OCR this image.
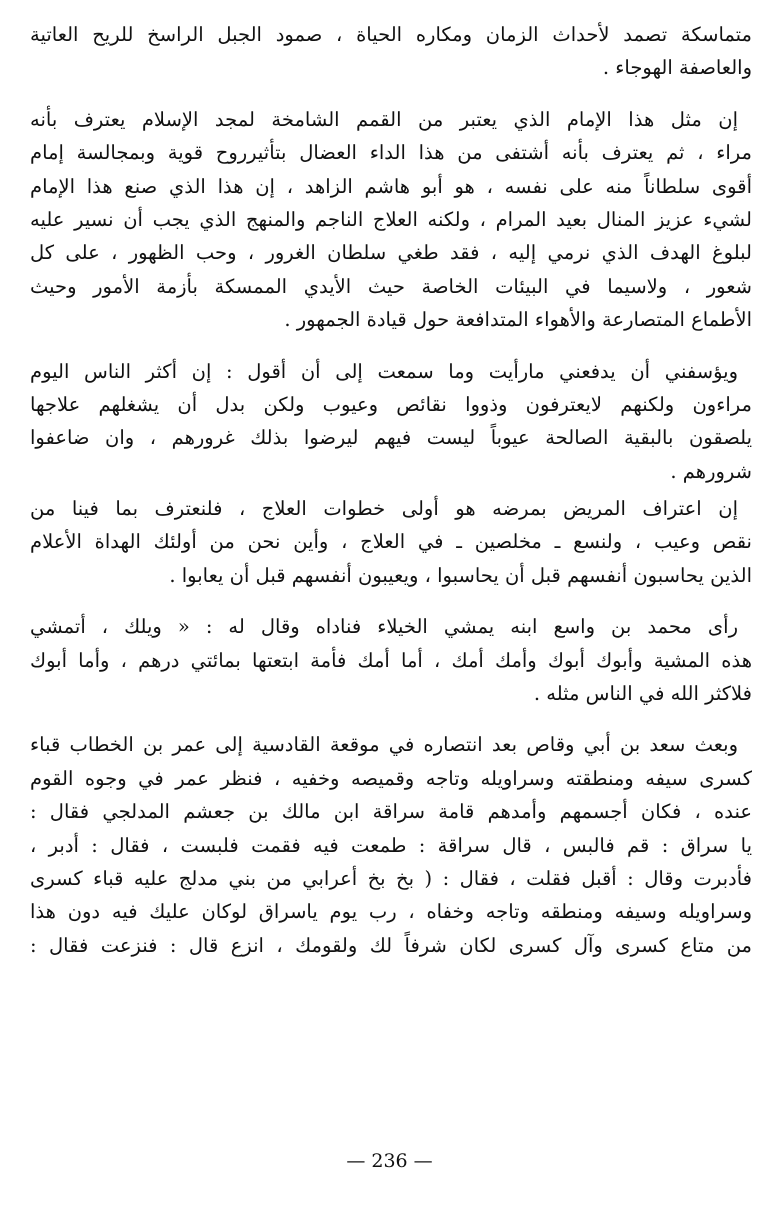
متماسكة تصمد لأحداث الزمان ومكاره الحياة ، صمود الجبل الراسخ للريح العاتية
والعاصفة الهوجاء .
إن مثل هذا الإمام الذي يعتبر من القمم الشامخة لمجد الإسلام يعترف بأنه
مراء ، ثم يعترف بأنه أشتفى من هذا الداء العضال بتأثيرروح قوية وبمجالسة إمام
أقوى سلطاناً منه على نفسه ، هو أبو هاشم الزاهد ، إن هذا الذي صنع هذا الإمام
لشيء عزيز المنال بعيد المرام ، ولكنه العلاج الناجم والمنهج الذي يجب أن نسير عليه
لبلوغ الهدف الذي نرمي إليه ، فقد طغي سلطان الغرور ، وحب الظهور ، على كل
شعور ، ولاسيما في البيئات الخاصة حيث الأيدي الممسكة بأزمة الأمور وحيث
الأطماع المتصارعة والأهواء المتدافعة حول قيادة الجمهور .
ويؤسفني أن يدفعني مارأيت وما سمعت إلى أن أقول : إن أكثر الناس اليوم
مراءون ولكنهم لايعترفون وذووا نقائص وعيوب ولكن بدل أن يشغلهم علاجها
يلصقون بالبقية الصالحة عيوباً ليست فيهم ليرضوا بذلك غرورهم ، وان ضاعفوا
شرورهم .
إن اعتراف المريض بمرضه هو أولى خطوات العلاج ، فلنعترف بما فينا من
نقص وعيب ، ولنسع ـ مخلصين ـ في العلاج ، وأين نحن من أولئك الهداة الأعلام
الذين يحاسبون أنفسهم قبل أن يحاسبوا ، ويعيبون أنفسهم قبل أن يعابوا .
رأى محمد بن واسع ابنه يمشي الخيلاء فناداه وقال له : « ويلك ، أتمشي
هذه المشية وأبوك أبوك وأمك أمك ، أما أمك فأمة ابتعتها بمائتي درهم ، وأما أبوك
فلاكثر الله في الناس مثله .
وبعث سعد بن أبي وقاص بعد انتصاره في موقعة القادسية إلى عمر بن الخطاب قباء
كسرى سيفه ومنطقته وسراويله وتاجه وقميصه وخفيه ، فنظر عمر في وجوه القوم
عنده ، فكان أجسمهم وأمدهم قامة سراقة ابن مالك بن جعشم المدلجي فقال :
يا سراق : قم فالبس ، قال سراقة : طمعت فيه فقمت فلبست ، فقال : أدبر ،
فأدبرت وقال : أقبل فقلت ، فقال : ( بخ بخ أعرابي من بني مدلج عليه قباء كسرى
وسراويله وسيفه ومنطقه وتاجه وخفاه ، رب يوم ياسراق لوكان عليك فيه دون هذا
من متاع كسرى وآل كسرى لكان شرفاً لك ولقومك ، انزع قال : فنزعت فقال :
— 236 —
